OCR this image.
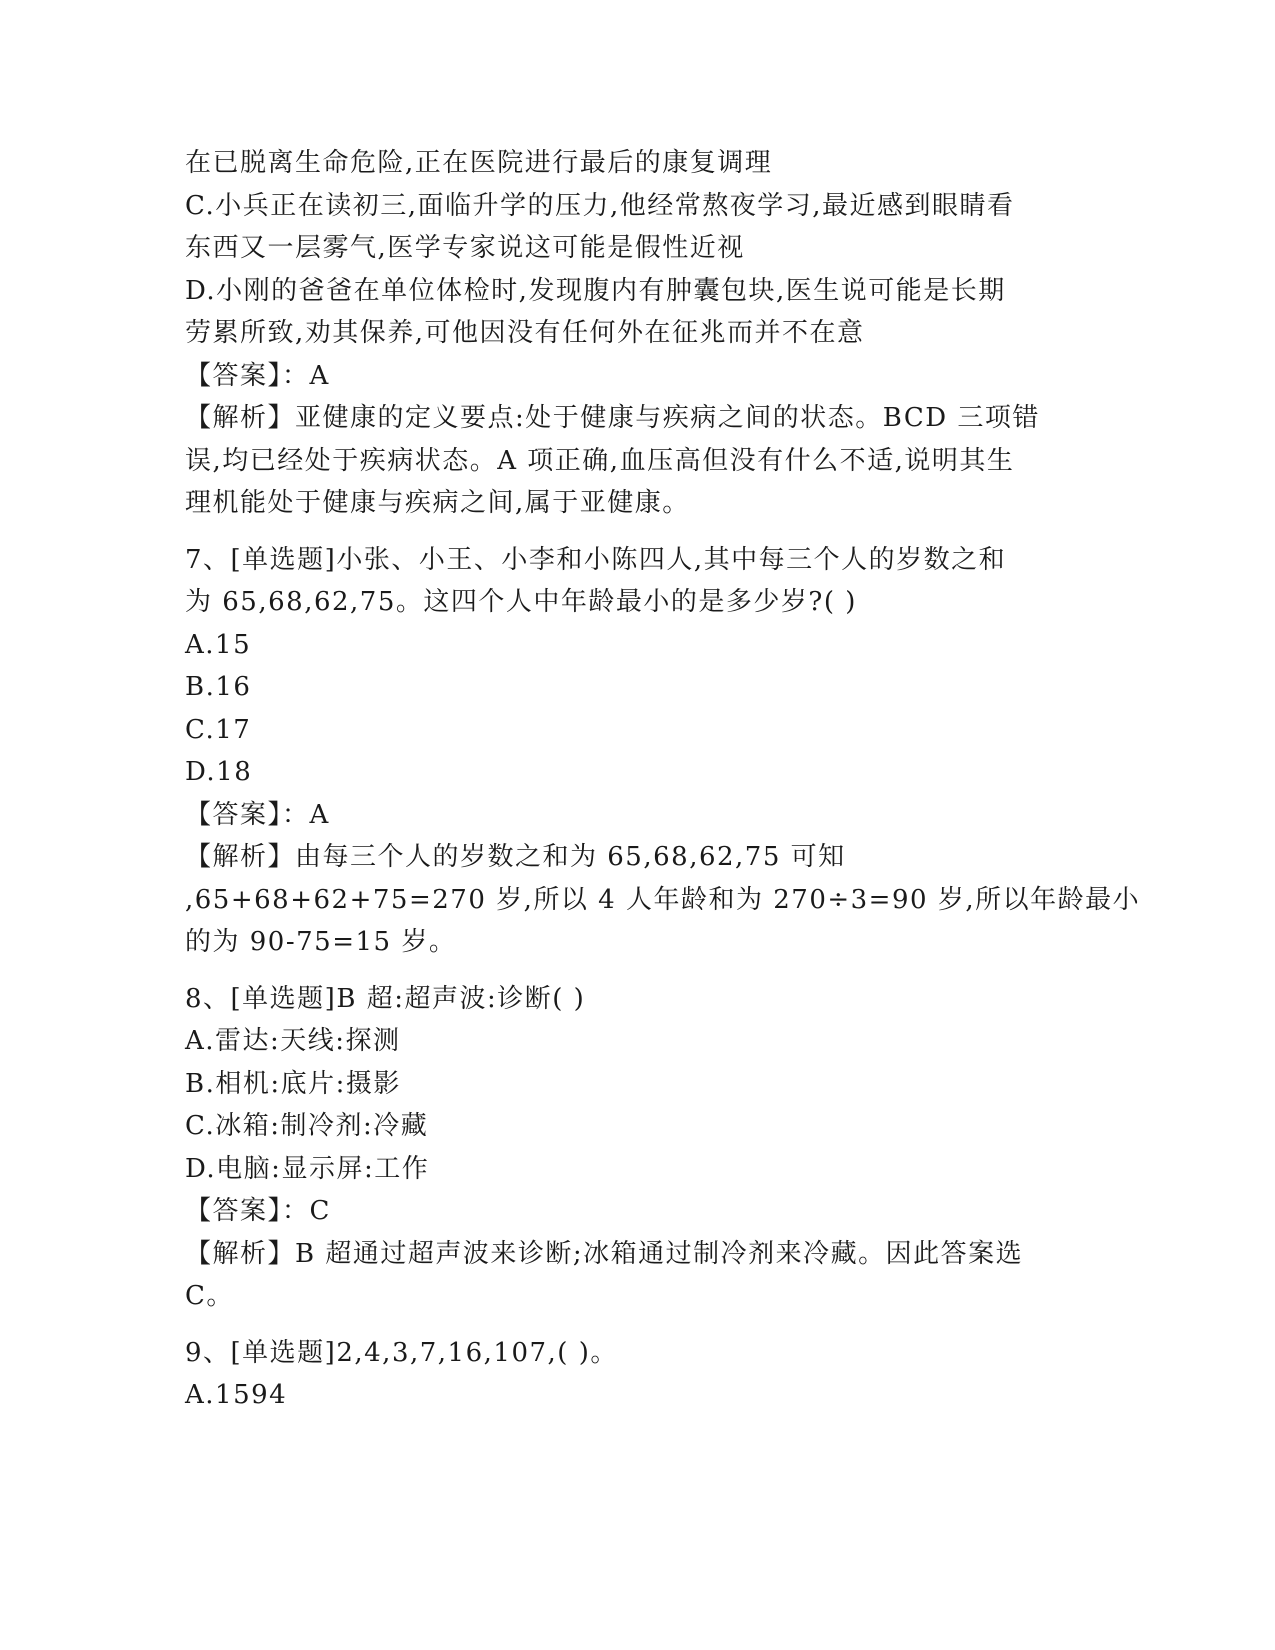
在已脱离生命危险,正在医院进行最后的康复调理
C.小兵正在读初三,面临升学的压力,他经常熬夜学习,最近感到眼睛看
东西又一层雾气,医学专家说这可能是假性近视
D.小刚的爸爸在单位体检时,发现腹内有肿囊包块,医生说可能是长期
劳累所致,劝其保养,可他因没有任何外在征兆而并不在意
【答案】：A
【解析】亚健康的定义要点:处于健康与疾病之间的状态。BCD 三项错
误,均已经处于疾病状态。A 项正确,血压高但没有什么不适,说明其生
理机能处于健康与疾病之间,属于亚健康。
7、[单选题]小张、小王、小李和小陈四人,其中每三个人的岁数之和
为 65,68,62,75。这四个人中年龄最小的是多少岁?( )
A.15
B.16
C.17
D.18
【答案】：A
【解析】由每三个人的岁数之和为 65,68,62,75 可知
,65+68+62+75=270 岁,所以 4 人年龄和为 270÷3=90 岁,所以年龄最小
的为 90-75=15 岁。
8、[单选题]B 超:超声波:诊断( )
A.雷达:天线:探测
B.相机:底片:摄影
C.冰箱:制冷剂:冷藏
D.电脑:显示屏:工作
【答案】：C
【解析】B 超通过超声波来诊断;冰箱通过制冷剂来冷藏。因此答案选
C。
9、[单选题]2,4,3,7,16,107,( )。
A.1594
